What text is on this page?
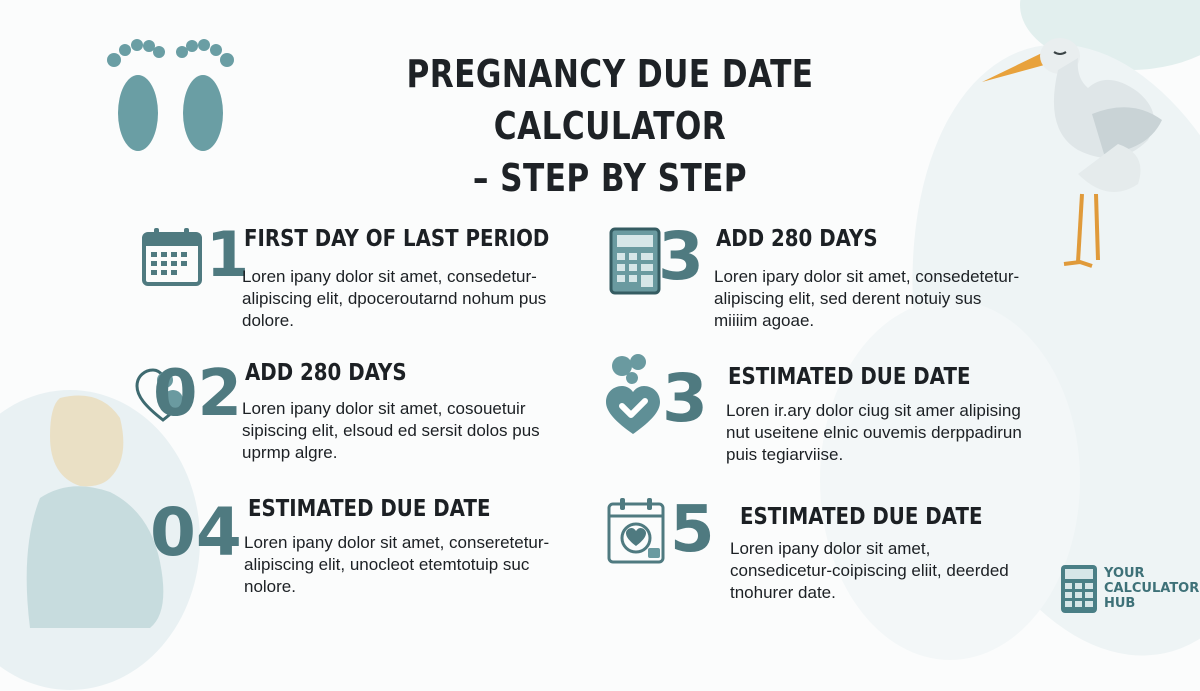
PREGNANCY DUE DATE CALCULATOR
– STEP BY STEP
1
FIRST DAY OF LAST PERIOD
Loren ipany dolor sit amet, consedetur-alipiscing elit, dpoceroutarnd nohum pus dolore.
3 ADD 280 DAYS
Loren ipary dolor sit amet, consedetetur-alipiscing elit, sed derent notuiy sus miiiim agoae.
02 ADD 280 DAYS
Loren ipany dolor sit amet, cosouetuir sipiscing elit, elsoud ed sersit dolos pus uprmp algre.
3 ESTIMATED DUE DATE
Loren ir.ary dolor ciug sit amer alipising nut useitene elnic ouvemis derppadirun puis tegiarviise.
04 ESTIMATED DUE DATE
Loren ipany dolor sit amet, conseretetur-alipiscing elit, unocleot etemtotuip suc nolore.
5 ESTIMATED DUE DATE
Loren ipany dolor sit amet, consedicetur-coipiscing eliit, deerded tnohurer date.
YOUR
CALCULATOR
HUB
